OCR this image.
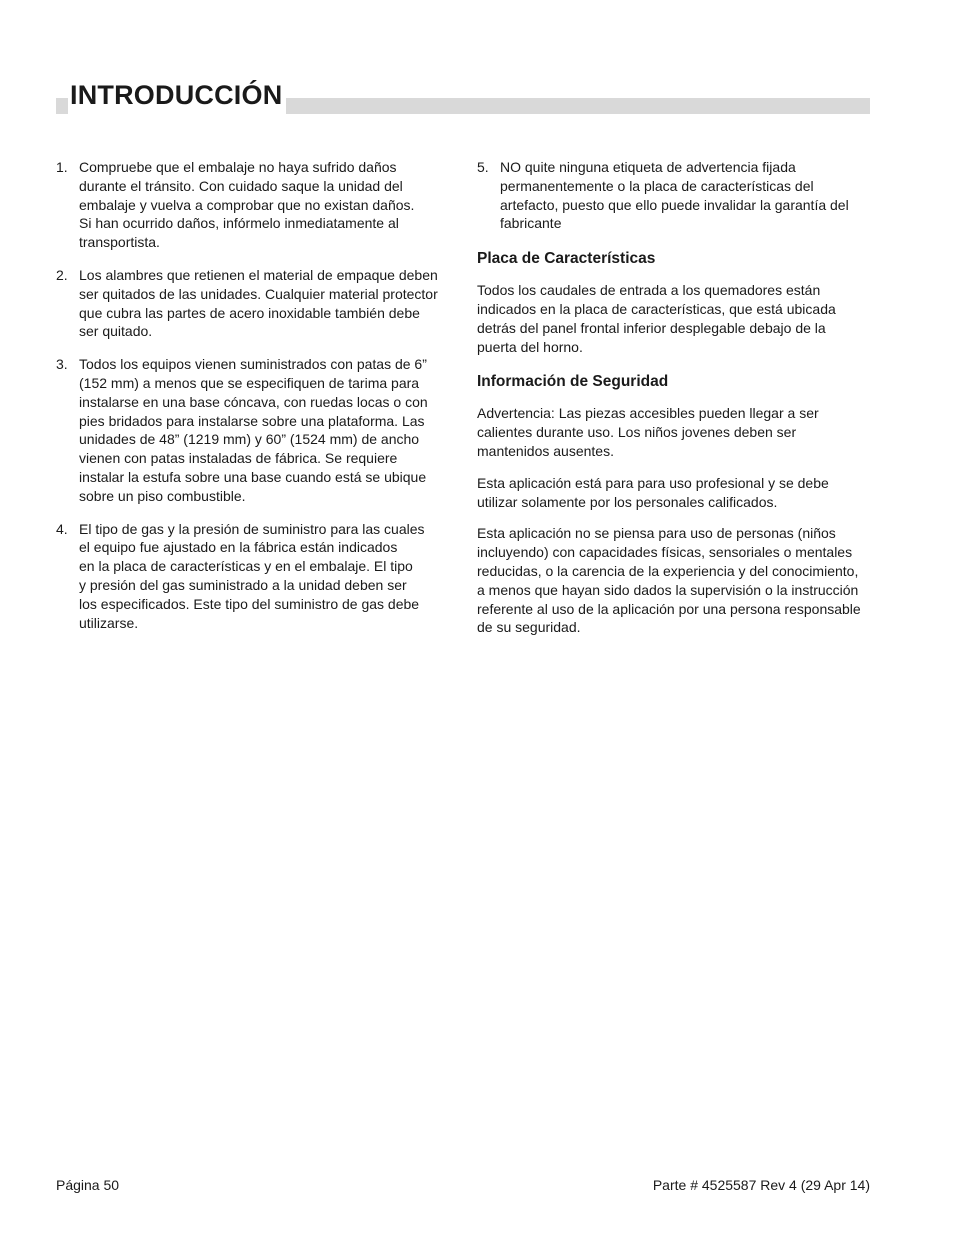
INTRODUCCIÓN
1. Compruebe que el embalaje no haya sufrido daños
durante el tránsito. Con cuidado saque la unidad del
embalaje y vuelva a comprobar que no existan daños.
Si han ocurrido daños, infórmelo inmediatamente al
transportista.
2. Los alambres que retienen el material de empaque deben
ser quitados de las unidades. Cualquier material protector
que cubra las partes de acero inoxidable también debe
ser quitado.
3. Todos los equipos vienen suministrados con patas de 6”
(152 mm) a menos que se especifiquen de tarima para
instalarse en una base cóncava, con ruedas locas o con
pies bridados para instalarse sobre una plataforma. Las
unidades de 48” (1219 mm) y 60” (1524 mm) de ancho
vienen con patas instaladas de fábrica. Se requiere
instalar la estufa sobre una base cuando está se ubique
sobre un piso combustible.
4. El tipo de gas y la presión de suministro para las cuales
el equipo fue ajustado en la fábrica están indicados
en la placa de características y en el embalaje. El tipo
y presión del gas suministrado a la unidad deben ser
los especificados. Este tipo del suministro de gas debe
utilizarse.
5. NO quite ninguna etiqueta de advertencia fijada
permanentemente o la placa de características del
artefacto, puesto que ello puede invalidar la garantía del
fabricante
Placa de Características

Todos los caudales de entrada a los quemadores están
indicados en la placa de características, que está ubicada
detrás del panel frontal inferior desplegable debajo de la
puerta del horno.

Información de Seguridad

Advertencia: Las piezas accesibles pueden llegar a ser
calientes durante uso. Los niños jovenes deben ser
mantenidos ausentes.

Esta aplicación está para para uso profesional y se debe
utilizar solamente por los personales calificados.

Esta aplicación no se piensa para uso de personas (niños
incluyendo) con capacidades físicas, sensoriales o mentales
reducidas, o la carencia de la experiencia y del conocimiento,
a menos que hayan sido dados la supervisión o la instrucción
referente al uso de la aplicación por una persona responsable
de su seguridad.

Página 50	Parte # 4525587 Rev 4 (29 Apr 14)
